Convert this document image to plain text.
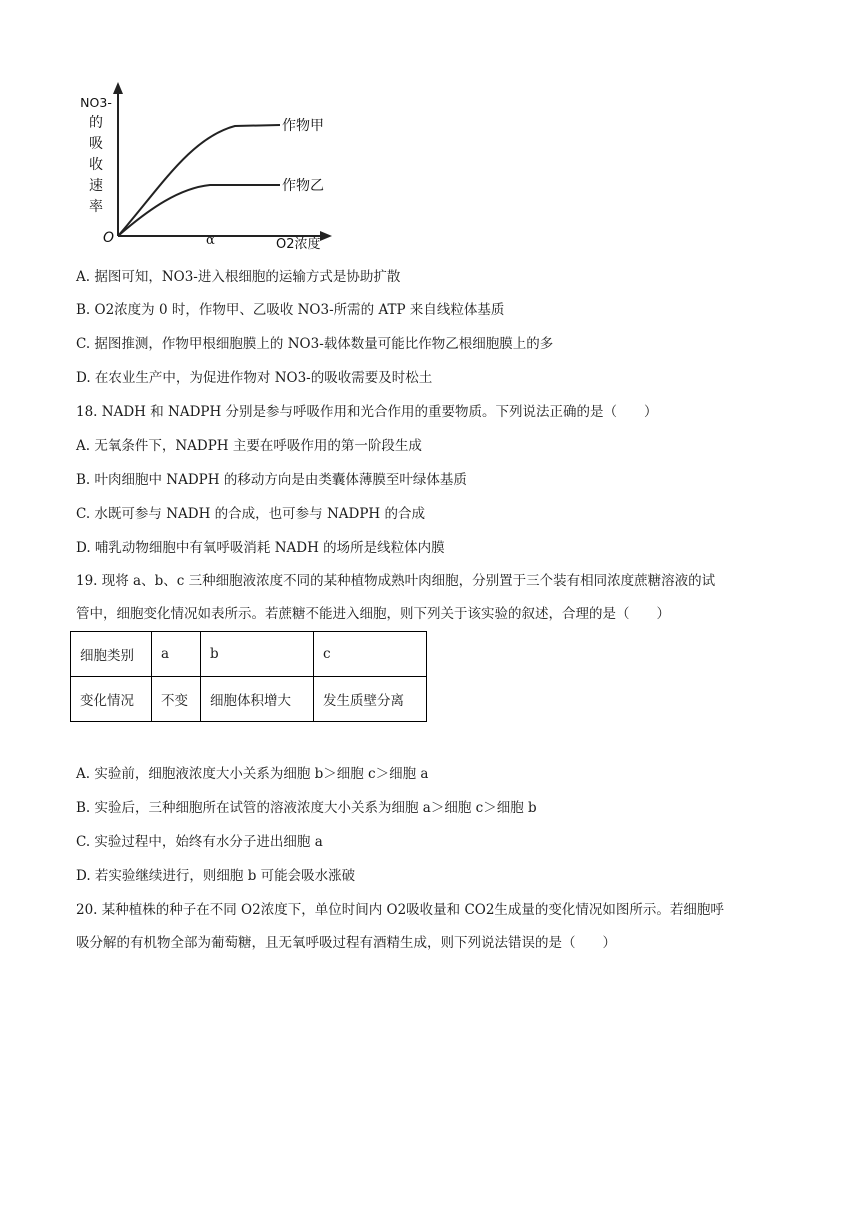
作物甲
作物乙
O	α	O2浓度
NO3-
的
吸
收
速
率
A. 据图可知，NO3-进入根细胞的运输方式是协助扩散
B. O2浓度为 0 时，作物甲、乙吸收 NO3-所需的 ATP 来自线粒体基质
C. 据图推测，作物甲根细胞膜上的 NO3-载体数量可能比作物乙根细胞膜上的多
D. 在农业生产中，为促进作物对 NO3-的吸收需要及时松土
18. NADH 和 NADPH 分别是参与呼吸作用和光合作用的重要物质。下列说法正确的是（　　）
A. 无氧条件下，NADPH 主要在呼吸作用的第一阶段生成
B. 叶肉细胞中 NADPH 的移动方向是由类囊体薄膜至叶绿体基质
C. 水既可参与 NADH 的合成，也可参与 NADPH 的合成
D. 哺乳动物细胞中有氧呼吸消耗 NADH 的场所是线粒体内膜
19. 现将 a、b、c 三种细胞液浓度不同的某种植物成熟叶肉细胞，分别置于三个装有相同浓度蔗糖溶液的试
管中，细胞变化情况如表所示。若蔗糖不能进入细胞，则下列关于该实验的叙述，合理的是（　　）
细胞类别	a	b	c
变化情况	不变	细胞体积增大	发生质壁分离
A. 实验前，细胞液浓度大小关系为细胞 b＞细胞 c＞细胞 a
B. 实验后，三种细胞所在试管的溶液浓度大小关系为细胞 a＞细胞 c＞细胞 b
C. 实验过程中，始终有水分子进出细胞 a
D. 若实验继续进行，则细胞 b 可能会吸水涨破
20. 某种植株的种子在不同 O2浓度下，单位时间内 O2吸收量和 CO2生成量的变化情况如图所示。若细胞呼
吸分解的有机物全部为葡萄糖，且无氧呼吸过程有酒精生成，则下列说法错误的是（　　）
